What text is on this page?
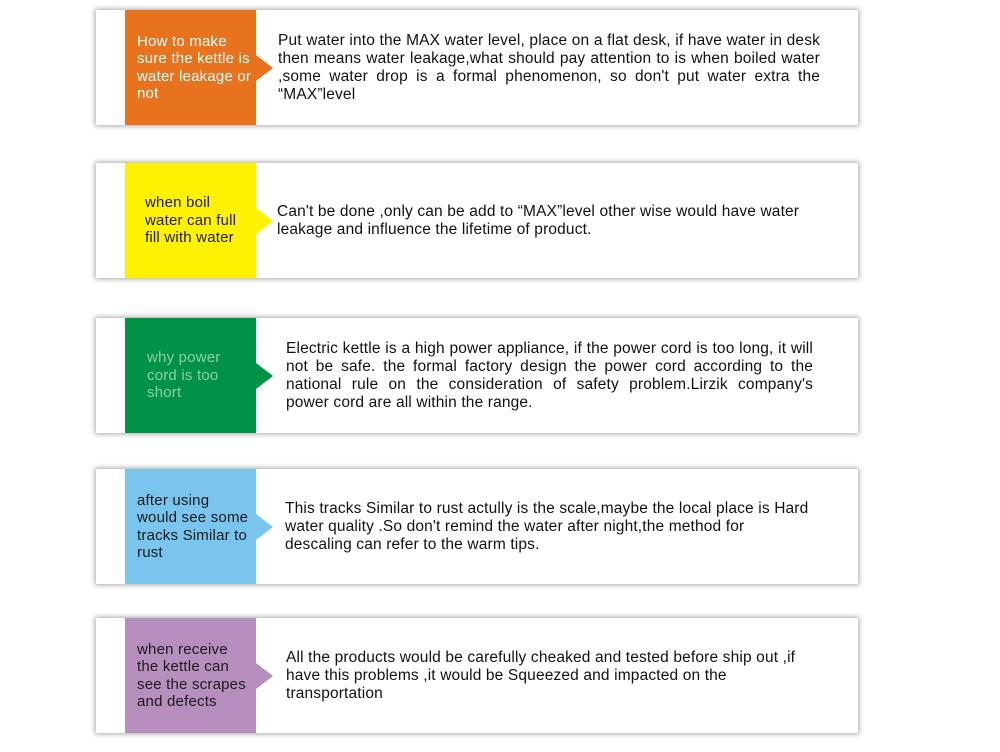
How to make sure the kettle is water leakage or not
Put water into the MAX water level, place on a flat desk, if have water in desk then means water leakage,what should pay attention to is when boiled water ,some water drop is a formal phenomenon, so don't put water extra the “MAX”level
when boil water can full fill with water
Can't be done ,only can be add to “MAX”level other wise would have water leakage and influence the lifetime of product.
why power cord is too short
Electric kettle is a high power appliance, if the power cord is too long, it will not be safe. the formal factory design the power cord according to the national rule on the consideration of safety problem.Lirzik company's power cord are all within the range.
after using would see some tracks Similar to rust
This tracks Similar to rust actully is the scale,maybe the local place is Hard water quality .So don't remind the water after night,the method for descaling can refer to the warm tips.
when receive the kettle can see the scrapes and defects
All the products would be carefully cheaked and tested before ship out ,if have this problems ,it would be Squeezed and impacted on the transportation
